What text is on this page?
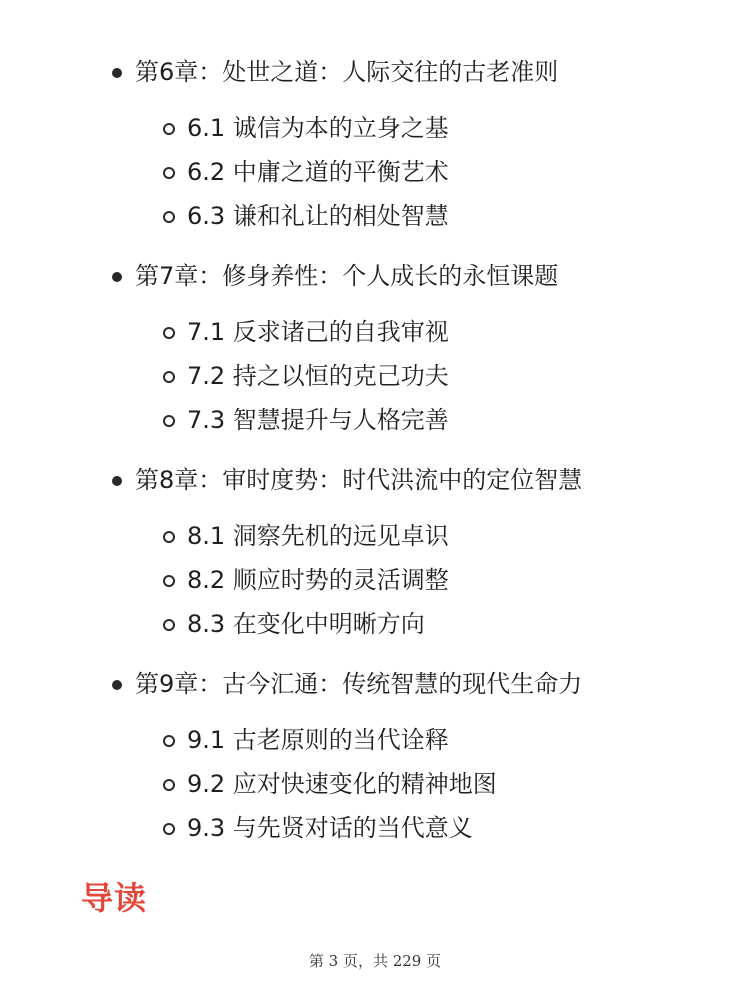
第6章：处世之道：人际交往的古老准则
6.1 诚信为本的立身之基
6.2 中庸之道的平衡艺术
6.3 谦和礼让的相处智慧
第7章：修身养性：个人成长的永恒课题
7.1 反求诸己的自我审视
7.2 持之以恒的克己功夫
7.3 智慧提升与人格完善
第8章：审时度势：时代洪流中的定位智慧
8.1 洞察先机的远见卓识
8.2 顺应时势的灵活调整
8.3 在变化中明晰方向
第9章：古今汇通：传统智慧的现代生命力
9.1 古老原则的当代诠释
9.2 应对快速变化的精神地图
9.3 与先贤对话的当代意义
导读
第 3 页，共 229 页
